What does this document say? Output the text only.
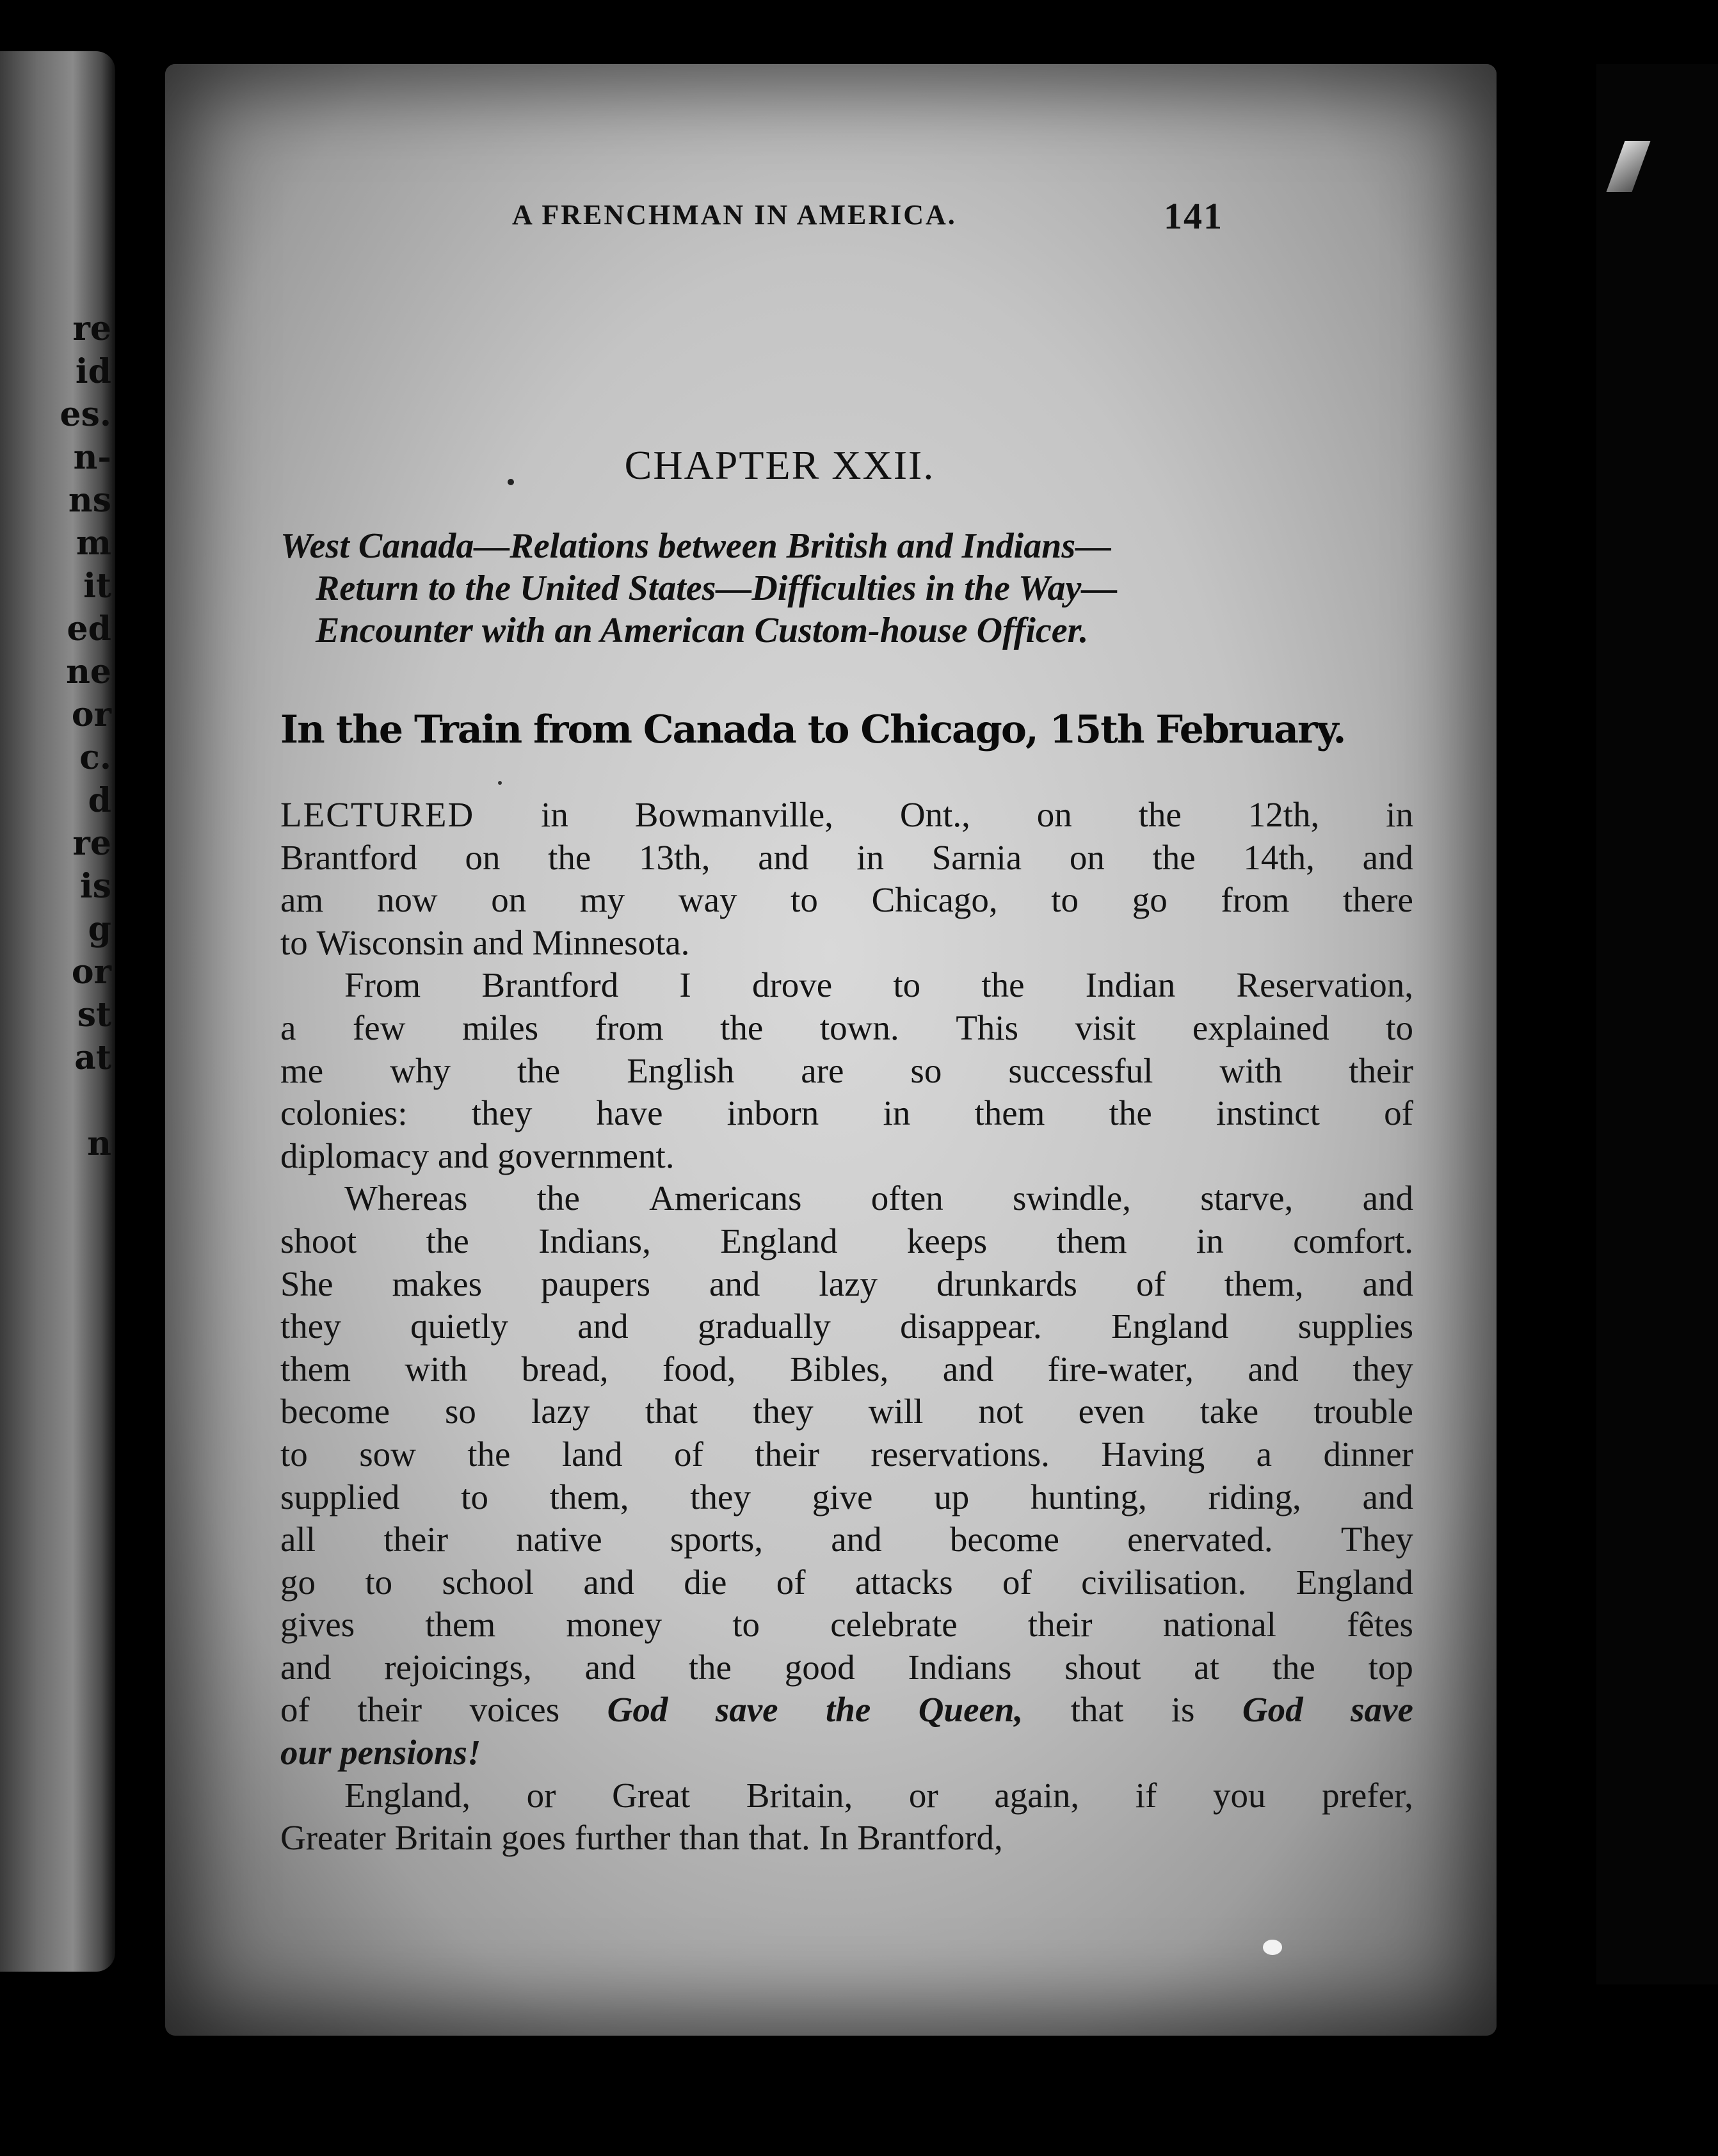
re
id
es.
n-
ns
m
it
ed
ne
or
c.
d
re
is
g
or
st
at
n
A FRENCHMAN IN AMERICA.	141
CHAPTER XXII.
West Canada—Relations between British and Indians—
Return to the United States—Difficulties in the Way—
Encounter with an American Custom-house Officer.
In the Train from Canada to Chicago, 15th February.
LECTURED in Bowmanville, Ont., on the 12th, in
Brantford on the 13th, and in Sarnia on the 14th, and
am now on my way to Chicago, to go from there
to Wisconsin and Minnesota.
From Brantford I drove to the Indian Reservation,
a few miles from the town. This visit explained to
me why the English are so successful with their
colonies: they have inborn in them the instinct of
diplomacy and government.
Whereas the Americans often swindle, starve, and
shoot the Indians, England keeps them in comfort.
She makes paupers and lazy drunkards of them, and
they quietly and gradually disappear. England supplies
them with bread, food, Bibles, and fire-water, and they
become so lazy that they will not even take trouble
to sow the land of their reservations. Having a dinner
supplied to them, they give up hunting, riding, and
all their native sports, and become enervated. They
go to school and die of attacks of civilisation. England
gives them money to celebrate their national fêtes
and rejoicings, and the good Indians shout at the top
of their voices God save the Queen, that is God save
our pensions!
England, or Great Britain, or again, if you prefer,
Greater Britain goes further than that. In Brantford,
